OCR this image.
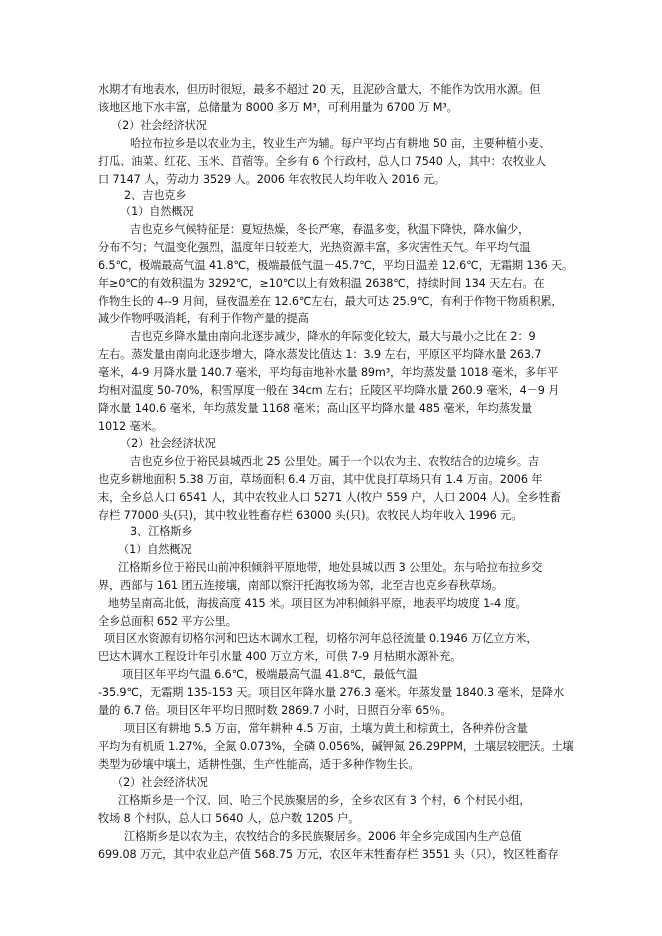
水期才有地表水，但历时很短，最多不超过 20 天，且泥砂含量大，不能作为饮用水源。但
该地区地下水丰富，总储量为 8000 多万 M³，可利用量为 6700 万 M³。
（2）社会经济状况
哈拉布拉乡是以农业为主，牧业生产为辅。每户平均占有耕地 50 亩，主要种植小麦、
打瓜、油菜、红花、玉米、苜蓿等。全乡有 6 个行政村，总人口 7540 人，其中：农牧业人
口 7147 人，劳动力 3529 人。2006 年农牧民人均年收入 2016 元。
2、吉也克乡
（1）自然概况
吉也克乡气候特征是：夏短热燥，冬长严寒，春温多变，秋温下降快，降水偏少，
分布不匀；气温变化强烈，温度年日较差大，光热资源丰富，多灾害性天气。年平均气温
6.5℃，极端最高气温 41.8℃，极端最低气温－45.7℃，平均日温差 12.6℃，无霜期 136 天。
年≥0℃的有效积温为 3292℃，≥10℃以上有效积温 2638℃，持续时间 134 天左右。在
作物生长的 4--9 月间，昼夜温差在 12.6℃左右，最大可达 25.9℃，有利于作物干物质积累，
减少作物呼吸消耗，有利于作物产量的提高
吉也克乡降水量由南向北逐步减少，降水的年际变化较大，最大与最小之比在 2：9
左右。蒸发量由南向北逐步增大，降水蒸发比值达 1：3.9 左右，平原区平均降水量 263.7
毫米，4-9 月降水量 140.7 毫米，平均每亩地补水量 89m³，年均蒸发量 1018 毫米，多年平
均相对温度 50-70%，积雪厚度一般在 34cm 左右；丘陵区平均降水量 260.9 毫米，4－9 月
降水量 140.6 毫米，年均蒸发量 1168 毫米；高山区平均降水量 485 毫米，年均蒸发量
1012 毫米。
（2）社会经济状况
吉也克乡位于裕民县城西北 25 公里处。属于一个以农为主、农牧结合的边境乡。吉
也克乡耕地面积 5.38 万亩，草场面积 6.4 万亩，其中优良打草场只有 1.4 万亩。2006 年
末，全乡总人口 6541 人，其中农牧业人口 5271 人(牧户 559 户，人口 2004 人)。全乡牲畜
存栏 77000 头(只)，其中牧业牲畜存栏 63000 头(只)。农牧民人均年收入 1996 元。
3、江格斯乡
（1）自然概况
江格斯乡位于裕民山前冲积倾斜平原地带，地处县城以西 3 公里处。东与哈拉布拉乡交
界，西部与 161 团五连接壤，南部以察汗托海牧场为邻，北至吉也克乡春秋草场。
地势呈南高北低，海拔高度 415 米。项目区为冲积倾斜平原，地表平均坡度 1-4 度。
全乡总面积 652 平方公里。
项目区水资源有切格尔河和巴达木调水工程，切格尔河年总径流量 0.1946 万亿立方米，
巴达木调水工程设计年引水量 400 万立方米，可供 7-9 月枯期水源补充。
项目区年平均气温 6.6℃，极端最高气温 41.8℃，最低气温
-35.9℃，无霜期 135-153 天。项目区年降水量 276.3 毫米。年蒸发量 1840.3 毫米，是降水
量的 6.7 倍。项目区年平均日照时数 2869.7 小时，日照百分率 65％。
项目区有耕地 5.5 万亩，常年耕种 4.5 万亩，土壤为黄土和棕黄土，各种养份含量
平均为有机质 1.27%，全氮 0.073%，全磷 0.056%，碱钾氮 26.29PPM，土壤层较肥沃。土壤
类型为砂壤中壤土，适耕性强，生产性能高，适于多种作物生长。
（2）社会经济状况
江格斯乡是一个汉、回、哈三个民族聚居的乡，全乡农区有 3 个村，6 个村民小组，
牧场 8 个村队，总人口 5640 人，总户数 1205 户。
江格斯乡是以农为主，农牧结合的多民族聚居乡。2006 年全乡完成国内生产总值
699.08 万元，其中农业总产值 568.75 万元，农区年末牲畜存栏 3551 头（只），牧区牲畜存
